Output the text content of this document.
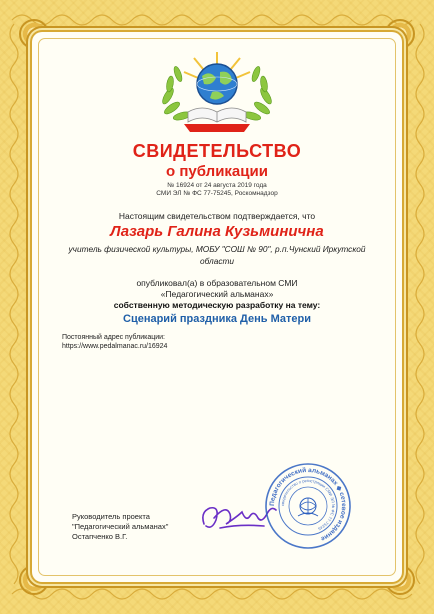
СВИДЕТЕЛЬСТВО
о публикации
№ 16924 от 24 августа 2019 года
СМИ ЭЛ № ФС 77-75245, Роскомнадзор
Настоящим свидетельством подтверждается, что
Лазарь Галина Кузьминична
учитель физической культуры, МОБУ "СОШ № 90", р.п.Чунский Иркутской области
опубликовал(а) в образовательном СМИ
«Педагогический альманах»
собственную методическую разработку на тему:
Сценарий праздника День Матери
Постоянный адрес публикации:
https://www.pedalmanac.ru/16924
Руководитель проекта
"Педагогический альманах"
Остапченко В.Г.
Педагогический альманах ◆ сетевое издание
свидетельство о регистрации СМИ ЭЛ № ФС 77-75245
